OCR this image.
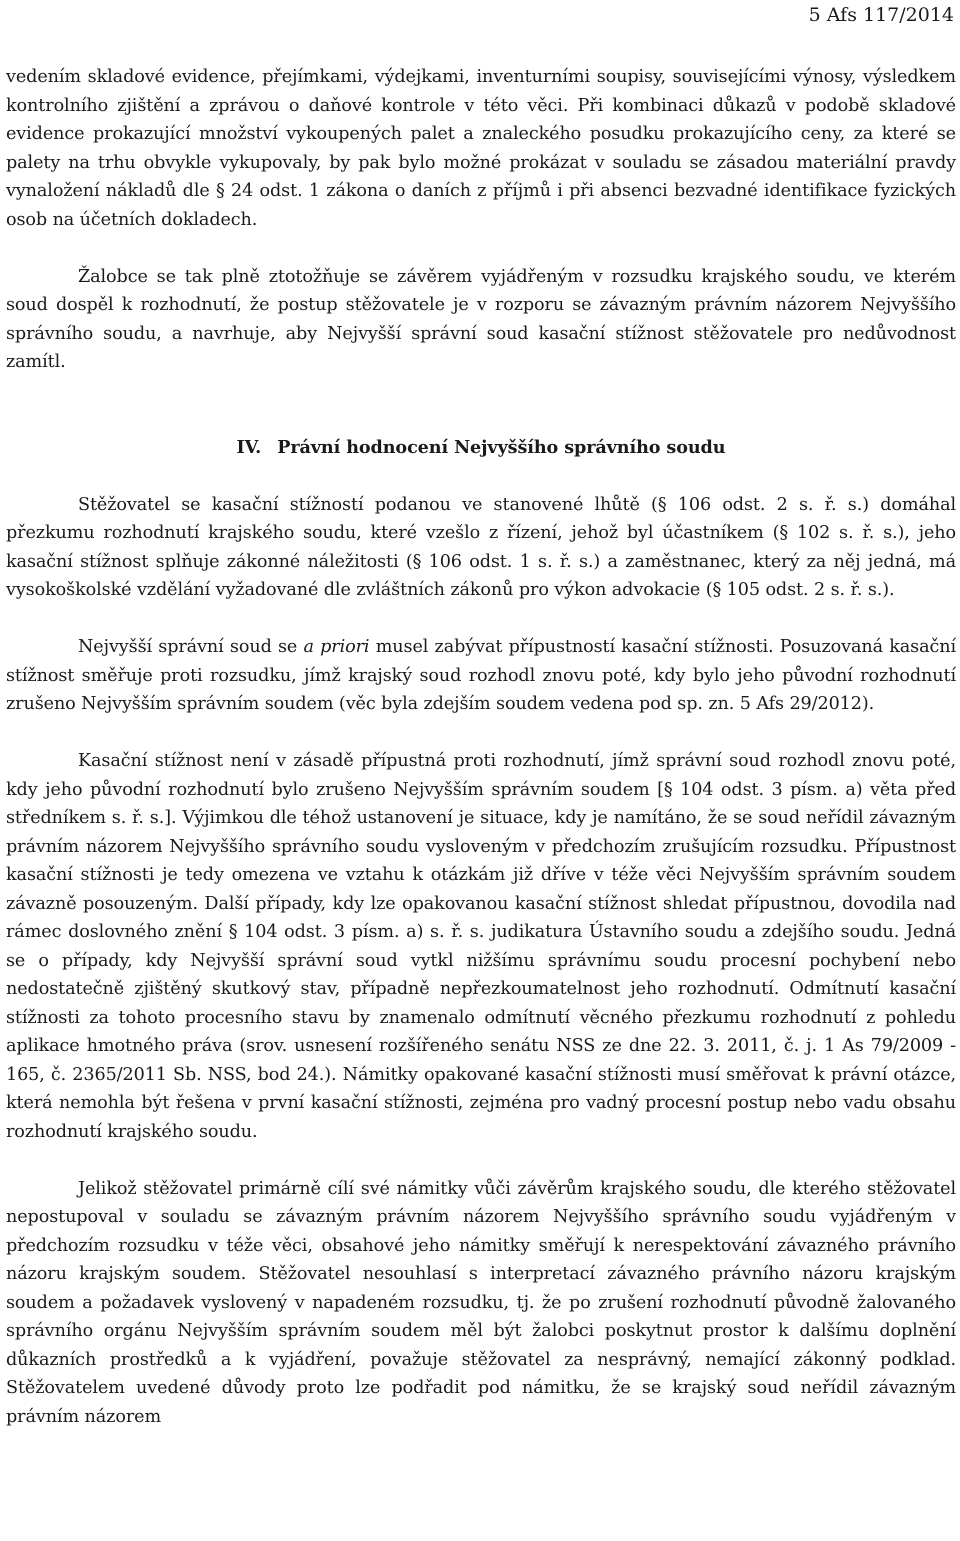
5 Afs 117/2014

vedením skladové evidence, přejímkami, výdejkami, inventurními soupisy, souvisejícími výnosy, výsledkem kontrolního zjištění a zprávou o daňové kontrole v této věci. Při kombinaci důkazů v podobě skladové evidence prokazující množství vykoupených palet a znaleckého posudku prokazujícího ceny, za které se palety na trhu obvykle vykupovaly, by pak bylo možné prokázat v souladu se zásadou materiální pravdy vynaložení nákladů dle § 24 odst. 1 zákona o daních z příjmů i při absenci bezvadné identifikace fyzických osob na účetních dokladech.

Žalobce se tak plně ztotožňuje se závěrem vyjádřeným v rozsudku krajského soudu, ve kterém soud dospěl k rozhodnutí, že postup stěžovatele je v rozporu se závazným právním názorem Nejvyššího správního soudu, a navrhuje, aby Nejvyšší správní soud kasační stížnost stěžovatele pro nedůvodnost zamítl.

IV. Právní hodnocení Nejvyššího správního soudu

Stěžovatel se kasační stížností podanou ve stanovené lhůtě (§ 106 odst. 2 s. ř. s.) domáhal přezkumu rozhodnutí krajského soudu, které vzešlo z řízení, jehož byl účastníkem (§ 102 s. ř. s.), jeho kasační stížnost splňuje zákonné náležitosti (§ 106 odst. 1 s. ř. s.) a zaměstnanec, který za něj jedná, má vysokoškolské vzdělání vyžadované dle zvláštních zákonů pro výkon advokacie (§ 105 odst. 2 s. ř. s.).

Nejvyšší správní soud se a priori musel zabývat přípustností kasační stížnosti. Posuzovaná kasační stížnost směřuje proti rozsudku, jímž krajský soud rozhodl znovu poté, kdy bylo jeho původní rozhodnutí zrušeno Nejvyšším správním soudem (věc byla zdejším soudem vedena pod sp. zn. 5 Afs 29/2012).

Kasační stížnost není v zásadě přípustná proti rozhodnutí, jímž správní soud rozhodl znovu poté, kdy jeho původní rozhodnutí bylo zrušeno Nejvyšším správním soudem [§ 104 odst. 3 písm. a) věta před středníkem s. ř. s.]. Výjimkou dle téhož ustanovení je situace, kdy je namítáno, že se soud neřídil závazným právním názorem Nejvyššího správního soudu vysloveným v předchozím zrušujícím rozsudku. Přípustnost kasační stížnosti je tedy omezena ve vztahu k otázkám již dříve v téže věci Nejvyšším správním soudem závazně posouzeným. Další případy, kdy lze opakovanou kasační stížnost shledat přípustnou, dovodila nad rámec doslovného znění § 104 odst. 3 písm. a) s. ř. s. judikatura Ústavního soudu a zdejšího soudu. Jedná se o případy, kdy Nejvyšší správní soud vytkl nižšímu správnímu soudu procesní pochybení nebo nedostatečně zjištěný skutkový stav, případně nepřezkoumatelnost jeho rozhodnutí. Odmítnutí kasační stížnosti za tohoto procesního stavu by znamenalo odmítnutí věcného přezkumu rozhodnutí z pohledu aplikace hmotného práva (srov. usnesení rozšířeného senátu NSS ze dne 22. 3. 2011, č. j. 1 As 79/2009 - 165, č. 2365/2011 Sb. NSS, bod 24.). Námitky opakované kasační stížnosti musí směřovat k právní otázce, která nemohla být řešena v první kasační stížnosti, zejména pro vadný procesní postup nebo vadu obsahu rozhodnutí krajského soudu.

Jelikož stěžovatel primárně cílí své námitky vůči závěrům krajského soudu, dle kterého stěžovatel nepostupoval v souladu se závazným právním názorem Nejvyššího správního soudu vyjádřeným v předchozím rozsudku v téže věci, obsahové jeho námitky směřují k nerespektování závazného právního názoru krajským soudem. Stěžovatel nesouhlasí s interpretací závazného právního názoru krajským soudem a požadavek vyslovený v napadeném rozsudku, tj. že po zrušení rozhodnutí původně žalovaného správního orgánu Nejvyšším správním soudem měl být žalobci poskytnut prostor k dalšímu doplnění důkazních prostředků a k vyjádření, považuje stěžovatel za nesprávný, nemající zákonný podklad. Stěžovatelem uvedené důvody proto lze podřadit pod námitku, že se krajský soud neřídil závazným právním názorem
